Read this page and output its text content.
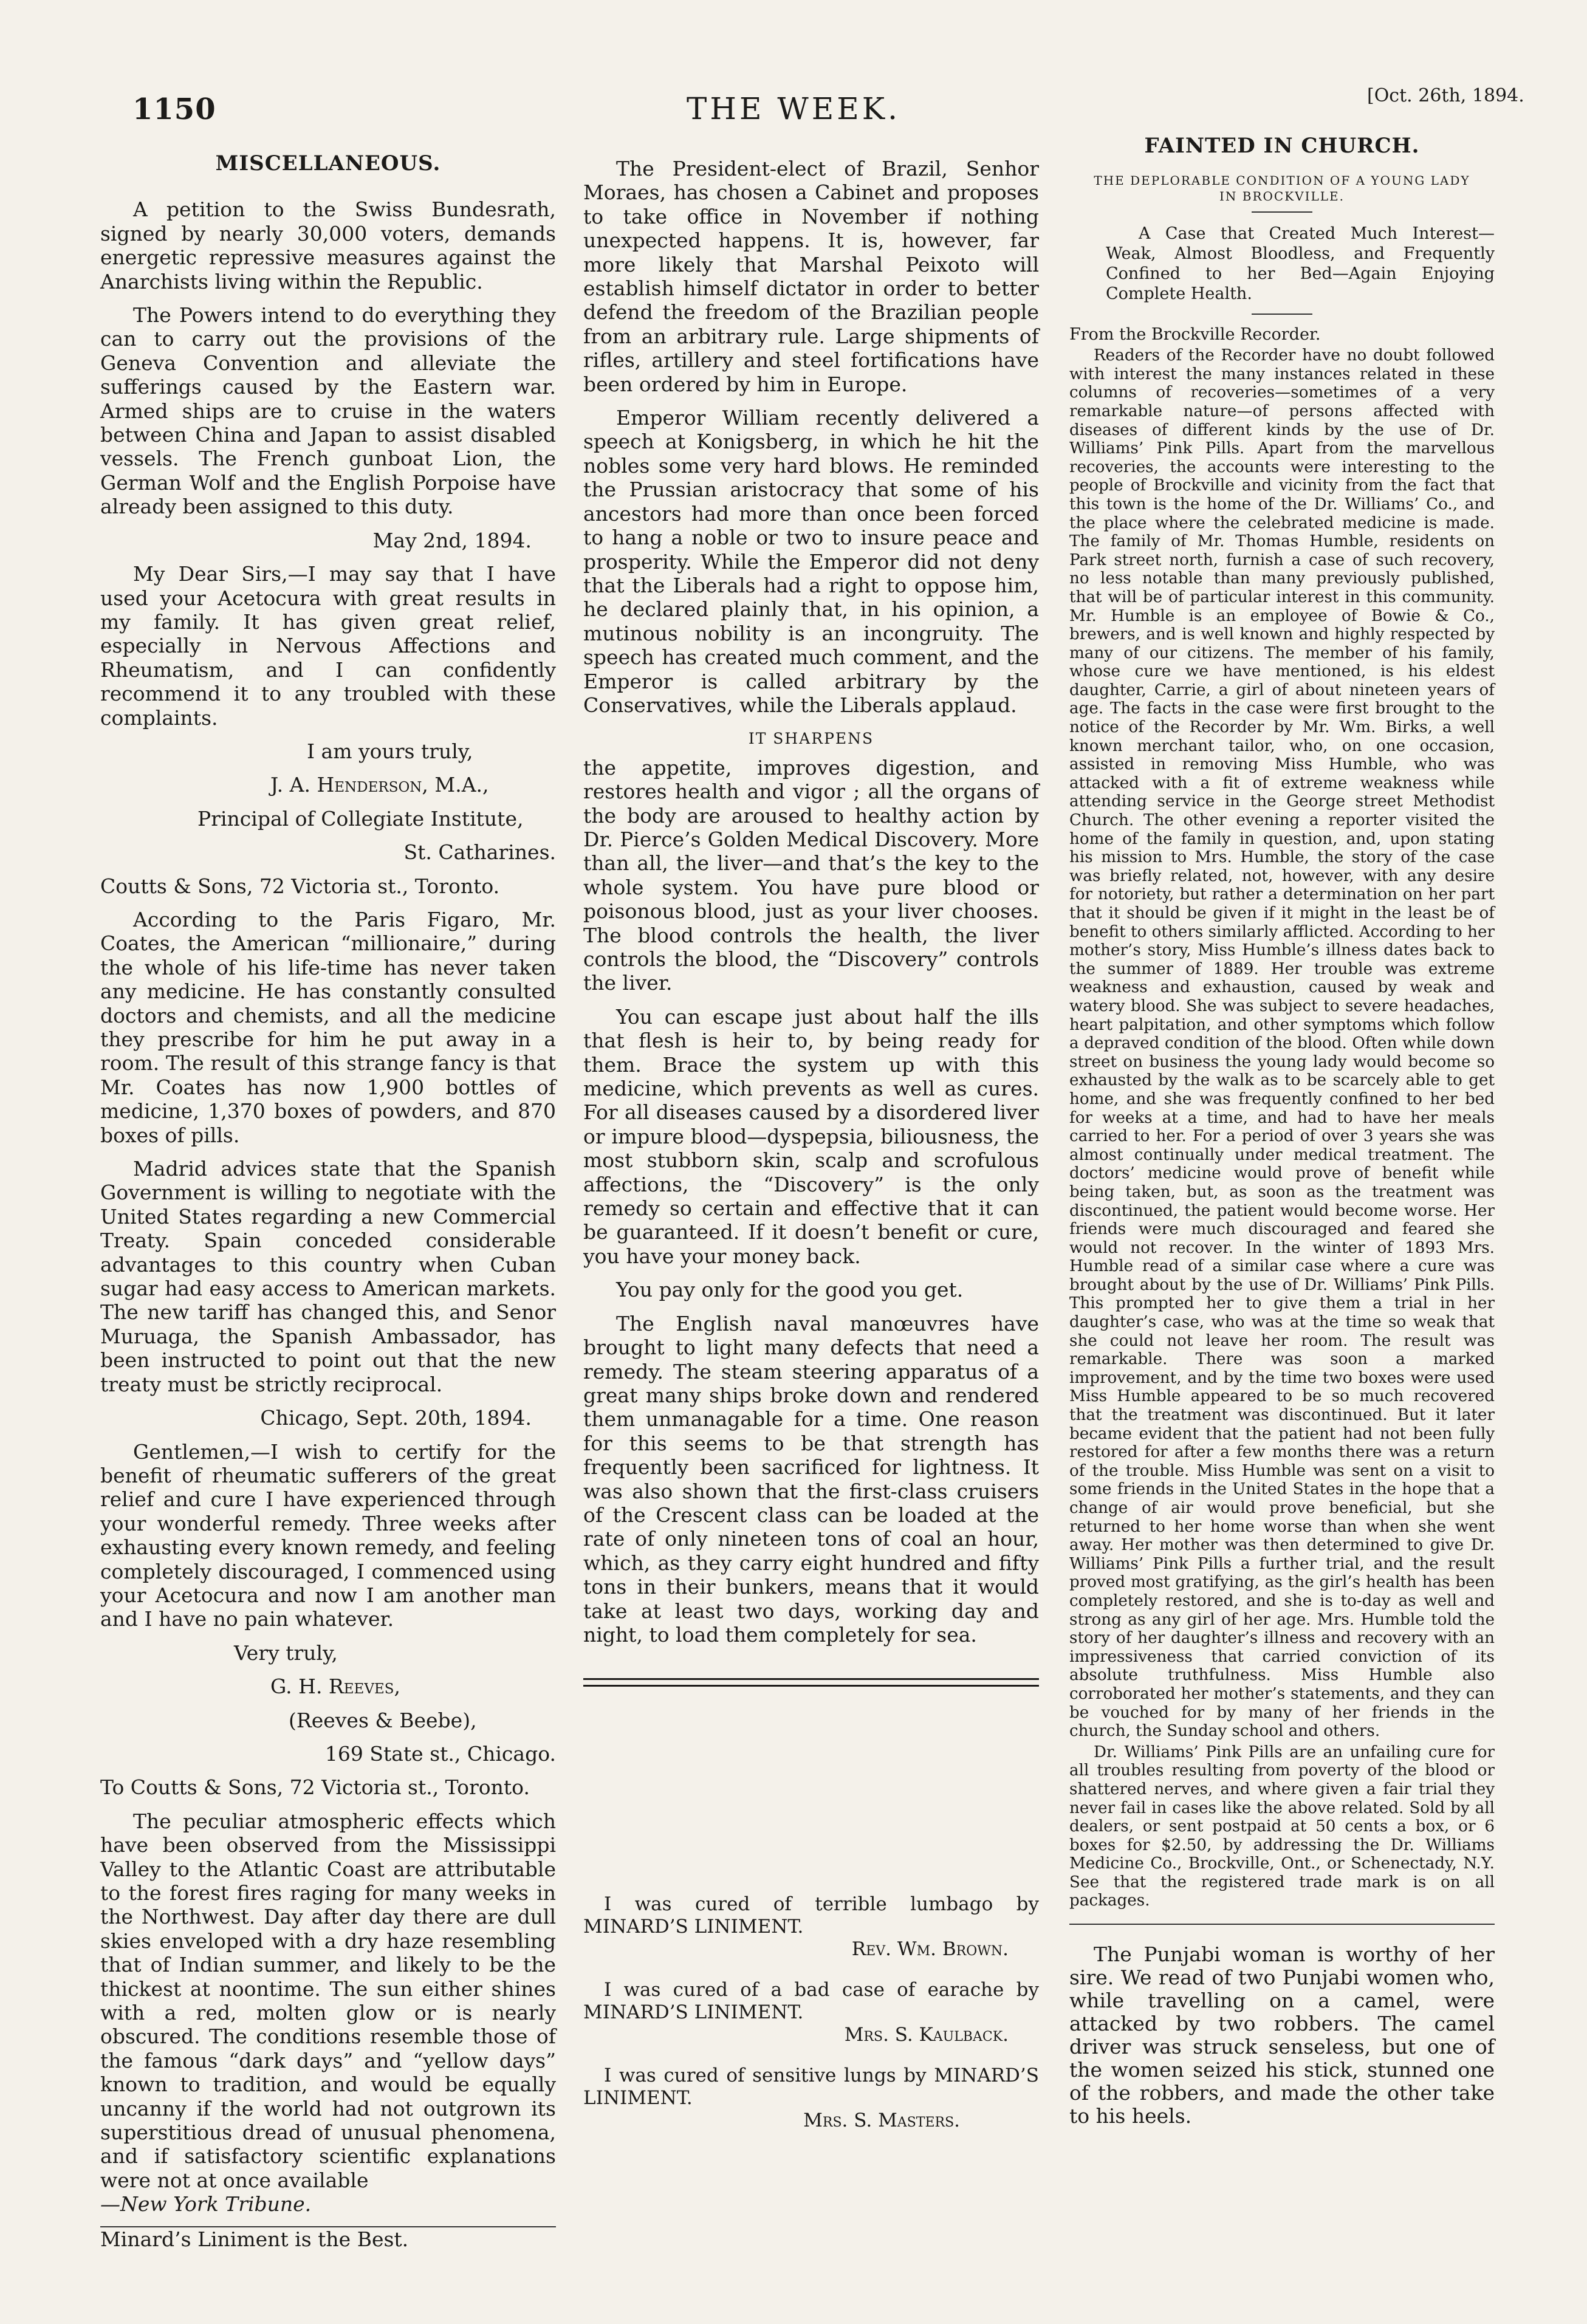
1150	THE WEEK.	[Oct. 26th, 1894.
MISCELLANEOUS.

A petition to the Swiss Bundesrath, signed by nearly 30,000 voters, demands energetic repressive measures against the Anarchists living within the Republic.

The Powers intend to do everything they can to carry out the provisions of the Geneva Convention and alleviate the sufferings caused by the Eastern war. Armed ships are to cruise in the waters between China and Japan to assist disabled vessels. The French gunboat Lion, the German Wolf and the English Porpoise have already been assigned to this duty.

May 2nd, 1894.

My Dear Sirs,—I may say that I have used your Acetocura with great results in my family. It has given great relief, especially in Nervous Affections and Rheumatism, and I can confidently recommend it to any troubled with these complaints.

I am yours truly,

J. A. Henderson, M.A.,

Principal of Collegiate Institute,

St. Catharines.

Coutts & Sons, 72 Victoria st., Toronto.

According to the Paris Figaro, Mr. Coates, the American “millionaire,” during the whole of his life-time has never taken any medicine. He has constantly consulted doctors and chemists, and all the medicine they prescribe for him he put away in a room. The result of this strange fancy is that Mr. Coates has now 1,900 bottles of medicine, 1,370 boxes of powders, and 870 boxes of pills.

Madrid advices state that the Spanish Government is willing to negotiate with the United States regarding a new Commercial Treaty. Spain conceded considerable advantages to this country when Cuban sugar had easy access to American markets. The new tariff has changed this, and Senor Muruaga, the Spanish Ambassador, has been instructed to point out that the new treaty must be strictly reciprocal.

Chicago, Sept. 20th, 1894.

Gentlemen,—I wish to certify for the benefit of rheumatic sufferers of the great relief and cure I have experienced through your wonderful remedy. Three weeks after exhausting every known remedy, and feeling completely discouraged, I commenced using your Acetocura and now I am another man and I have no pain whatever.

Very truly,

G. H. Reeves,

(Reeves & Beebe),

169 State st., Chicago.

To Coutts & Sons, 72 Victoria st., Toronto.

The peculiar atmospheric effects which have been observed from the Mississippi Valley to the Atlantic Coast are attributable to the forest fires raging for many weeks in the Northwest. Day after day there are dull skies enveloped with a dry haze resembling that of Indian summer, and likely to be the thickest at noontime. The sun either shines with a red, molten glow or is nearly obscured. The conditions resemble those of the famous “dark days” and “yellow days” known to tradition, and would be equally uncanny if the world had not outgrown its superstitious dread of unusual phenomena, and if satisfactory scientific explanations were not at once available

—New York Tribune.

Minard’s Liniment is the Best.

The President-elect of Brazil, Senhor Moraes, has chosen a Cabinet and proposes to take office in November if nothing unexpected happens. It is, however, far more likely that Marshal Peixoto will establish himself dictator in order to better defend the freedom of the Brazilian people from an arbitrary rule. Large shipments of rifles, artillery and steel fortifications have been ordered by him in Europe.

Emperor William recently delivered a speech at Konigsberg, in which he hit the nobles some very hard blows. He reminded the Prussian aristocracy that some of his ancestors had more than once been forced to hang a noble or two to insure peace and prosperity. While the Emperor did not deny that the Liberals had a right to oppose him, he declared plainly that, in his opinion, a mutinous nobility is an incongruity. The speech has created much comment, and the Emperor is called arbitrary by the Conservatives, while the Liberals applaud.

IT SHARPENS

the appetite, improves digestion, and restores health and vigor ; all the organs of the body are aroused to healthy action by Dr. Pierce’s Golden Medical Discovery. More than all, the liver—and that’s the key to the whole system. You have pure blood or poisonous blood, just as your liver chooses. The blood controls the health, the liver controls the blood, the “Discovery” controls the liver.

You can escape just about half the ills that flesh is heir to, by being ready for them. Brace the system up with this medicine, which prevents as well as cures. For all diseases caused by a disordered liver or impure blood—dyspepsia, biliousness, the most stubborn skin, scalp and scrofulous affections, the “Discovery” is the only remedy so certain and effective that it can be guaranteed. If it doesn’t benefit or cure, you have your money back.

You pay only for the good you get.

The English naval manœuvres have brought to light many defects that need a remedy. The steam steering apparatus of a great many ships broke down and rendered them unmanagable for a time. One reason for this seems to be that strength has frequently been sacrificed for lightness. It was also shown that the first-class cruisers of the Crescent class can be loaded at the rate of only nineteen tons of coal an hour, which, as they carry eight hundred and fifty tons in their bunkers, means that it would take at least two days, working day and night, to load them completely for sea.

I was cured of terrible lumbago by MINARD’S LINIMENT.

Rev. Wm. Brown.

I was cured of a bad case of earache by MINARD’S LINIMENT.

Mrs. S. Kaulback.

I was cured of sensitive lungs by MINARD’S LINIMENT.

Mrs. S. Masters.

FAINTED IN CHURCH.
THE DEPLORABLE CONDITION OF A YOUNG LADY IN BROCKVILLE.

A Case that Created Much Interest—Weak, Almost Bloodless, and Frequently Confined to her Bed—Again Enjoying Complete Health.

From the Brockville Recorder.

Readers of the Recorder have no doubt followed with interest the many instances related in these columns of recoveries—sometimes of a very remarkable nature—of persons affected with diseases of different kinds by the use of Dr. Williams’ Pink Pills. Apart from the marvellous recoveries, the accounts were interesting to the people of Brockville and vicinity from the fact that this town is the home of the Dr. Williams’ Co., and the place where the celebrated medicine is made. The family of Mr. Thomas Humble, residents on Park street north, furnish a case of such recovery, no less notable than many previously published, that will be of particular interest in this community. Mr. Humble is an employee of Bowie & Co., brewers, and is well known and highly respected by many of our citizens. The member of his family, whose cure we have mentioned, is his eldest daughter, Carrie, a girl of about nineteen years of age. The facts in the case were first brought to the notice of the Recorder by Mr. Wm. Birks, a well known merchant tailor, who, on one occasion, assisted in removing Miss Humble, who was attacked with a fit of extreme weakness while attending service in the George street Methodist Church. The other evening a reporter visited the home of the family in question, and, upon stating his mission to Mrs. Humble, the story of the case was briefly related, not, however, with any desire for notoriety, but rather a determination on her part that it should be given if it might in the least be of benefit to others similarly afflicted. According to her mother’s story, Miss Humble’s illness dates back to the summer of 1889. Her trouble was extreme weakness and exhaustion, caused by weak and watery blood. She was subject to severe headaches, heart palpitation, and other symptoms which follow a depraved condition of the blood. Often while down street on business the young lady would become so exhausted by the walk as to be scarcely able to get home, and she was frequently confined to her bed for weeks at a time, and had to have her meals carried to her. For a period of over 3 years she was almost continually under medical treatment. The doctors’ medicine would prove of benefit while being taken, but, as soon as the treatment was discontinued, the patient would become worse. Her friends were much discouraged and feared she would not recover. In the winter of 1893 Mrs. Humble read of a similar case where a cure was brought about by the use of Dr. Williams’ Pink Pills. This prompted her to give them a trial in her daughter’s case, who was at the time so weak that she could not leave her room. The result was remarkable. There was soon a marked improvement, and by the time two boxes were used Miss Humble appeared to be so much recovered that the treatment was discontinued. But it later became evident that the patient had not been fully restored for after a few months there was a return of the trouble. Miss Humble was sent on a visit to some friends in the United States in the hope that a change of air would prove beneficial, but she returned to her home worse than when she went away. Her mother was then determined to give Dr. Williams’ Pink Pills a further trial, and the result proved most gratifying, as the girl’s health has been completely restored, and she is to-day as well and strong as any girl of her age. Mrs. Humble told the story of her daughter’s illness and recovery with an impressiveness that carried conviction of its absolute truthfulness. Miss Humble also corroborated her mother’s statements, and they can be vouched for by many of her friends in the church, the Sunday school and others.

Dr. Williams’ Pink Pills are an unfailing cure for all troubles resulting from poverty of the blood or shattered nerves, and where given a fair trial they never fail in cases like the above related. Sold by all dealers, or sent postpaid at 50 cents a box, or 6 boxes for $2.50, by addressing the Dr. Williams Medicine Co., Brockville, Ont., or Schenectady, N.Y. See that the registered trade mark is on all packages.

The Punjabi woman is worthy of her sire. We read of two Punjabi women who, while travelling on a camel, were attacked by two robbers. The camel driver was struck senseless, but one of the women seized his stick, stunned one of the robbers, and made the other take to his heels.
